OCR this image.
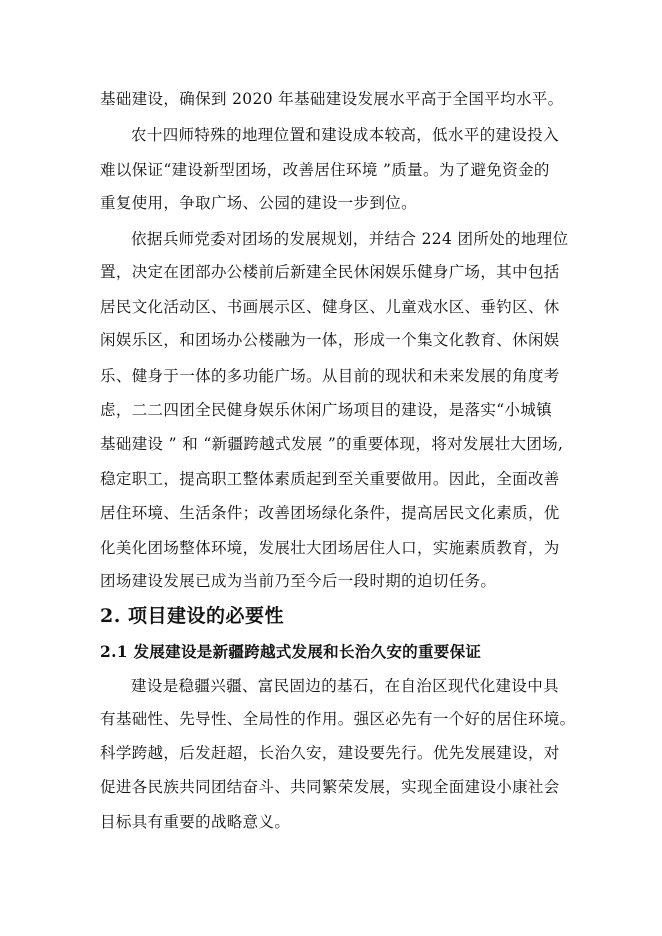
基础建设，确保到 2020 年基础建设发展水平高于全国平均水平。
农十四师特殊的地理位置和建设成本较高，低水平的建设投入
难以保证“建设新型团场，改善居住环境 ”质量。为了避免资金的
重复使用，争取广场、公园的建设一步到位。
依据兵师党委对团场的发展规划，并结合 224 团所处的地理位
置，决定在团部办公楼前后新建全民休闲娱乐健身广场，其中包括
居民文化活动区、书画展示区、健身区、儿童戏水区、垂钓区、休
闲娱乐区，和团场办公楼融为一体，形成一个集文化教育、休闲娱
乐、健身于一体的多功能广场。从目前的现状和未来发展的角度考
虑，二二四团全民健身娱乐休闲广场项目的建设，是落实“小城镇
基础建设 ” 和 “新疆跨越式发展 ”的重要体现，将对发展壮大团场,
稳定职工，提高职工整体素质起到至关重要做用。因此，全面改善
居住环境、生活条件；改善团场绿化条件，提高居民文化素质，优
化美化团场整体环境，发展壮大团场居住人口，实施素质教育，为
团场建设发展已成为当前乃至今后一段时期的迫切任务。
2. 项目建设的必要性
2.1 发展建设是新疆跨越式发展和长治久安的重要保证
建设是稳疆兴疆、富民固边的基石，在自治区现代化建设中具
有基础性、先导性、全局性的作用。强区必先有一个好的居住环境。
科学跨越，后发赶超，长治久安，建设要先行。优先发展建设，对
促进各民族共同团结奋斗、共同繁荣发展，实现全面建设小康社会
目标具有重要的战略意义。
